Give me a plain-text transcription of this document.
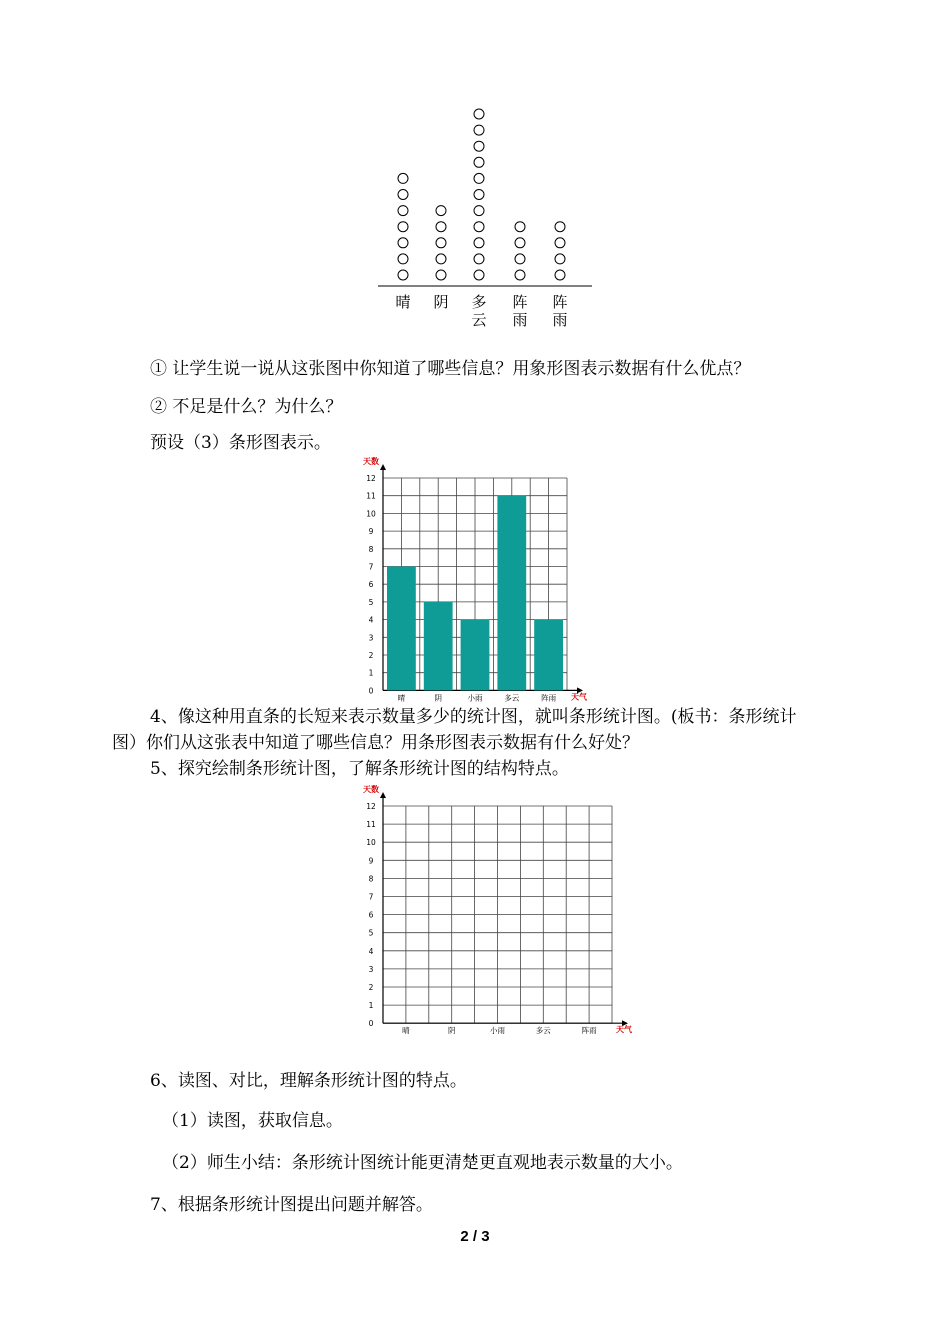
晴 阴 多
云
阵
雨
阵
雨
① 让学生说一说从这张图中你知道了哪些信息？用象形图表示数据有什么优点？
② 不足是什么？为什么？
预设（3）条形图表示。
天数
天气
0
1
2
3
4
5
6
7
8
9
10
11
12
晴	阴	小雨	多云	阵雨
4、像这种用直条的长短来表示数量多少的统计图，就叫条形统计图。(板书：条形统计
图）你们从这张表中知道了哪些信息？用条形图表示数据有什么好处？
5、探究绘制条形统计图，了解条形统计图的结构特点。
天数
天气
0
1
2
3
4
5
6
7
8
9
10
11
12
晴	阴	小雨	多云	阵雨
6、读图、对比，理解条形统计图的特点。
（1）读图，获取信息。
（2）师生小结：条形统计图统计能更清楚更直观地表示数量的大小。
7、根据条形统计图提出问题并解答。
2 / 3
